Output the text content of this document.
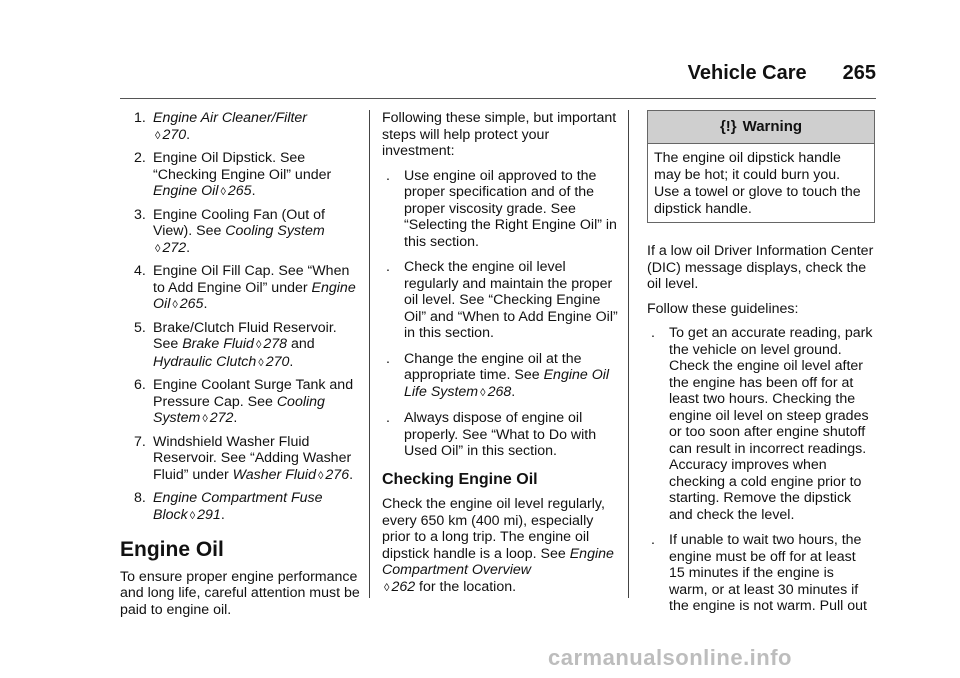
Vehicle Care 265
1. Engine Air Cleaner/Filter
◊ 270.
2. Engine Oil Dipstick. See “Checking Engine Oil” under Engine Oil ◊ 265.
3. Engine Cooling Fan (Out of View). See Cooling System
◊ 272.
4. Engine Oil Fill Cap. See “When to Add Engine Oil” under Engine Oil ◊ 265.
5. Brake/Clutch Fluid Reservoir.
See Brake Fluid ◊ 278 and Hydraulic Clutch ◊ 270.
6. Engine Coolant Surge Tank and Pressure Cap. See Cooling System ◊ 272.
7. Windshield Washer Fluid Reservoir. See “Adding Washer Fluid” under Washer Fluid ◊ 276.
8. Engine Compartment Fuse Block ◊ 291.
Engine Oil

To ensure proper engine performance and long life, careful attention must be paid to engine oil.

Following these simple, but important steps will help protect your investment:

. Use engine oil approved to the proper specification and of the proper viscosity grade. See “Selecting the Right Engine Oil” in this section.
. Check the engine oil level regularly and maintain the proper oil level. See “Checking Engine Oil” and “When to Add Engine Oil” in this section.
. Change the engine oil at the appropriate time. See Engine Oil Life System ◊ 268.
. Always dispose of engine oil properly. See “What to Do with Used Oil” in this section.
Checking Engine Oil

Check the engine oil level regularly, every 650 km (400 mi), especially prior to a long trip. The engine oil dipstick handle is a loop. See Engine Compartment Overview
◊ 262 for the location.

{!} Warning
The engine oil dipstick handle may be hot; it could burn you. Use a towel or glove to touch the dipstick handle.

If a low oil Driver Information Center (DIC) message displays, check the oil level.

Follow these guidelines:

. To get an accurate reading, park the vehicle on level ground. Check the engine oil level after the engine has been off for at least two hours. Checking the engine oil level on steep grades or too soon after engine shutoff can result in incorrect readings. Accuracy improves when checking a cold engine prior to starting. Remove the dipstick and check the level.
. If unable to wait two hours, the engine must be off for at least 15 minutes if the engine is warm, or at least 30 minutes if the engine is not warm. Pull out
carmanualsonline.info
